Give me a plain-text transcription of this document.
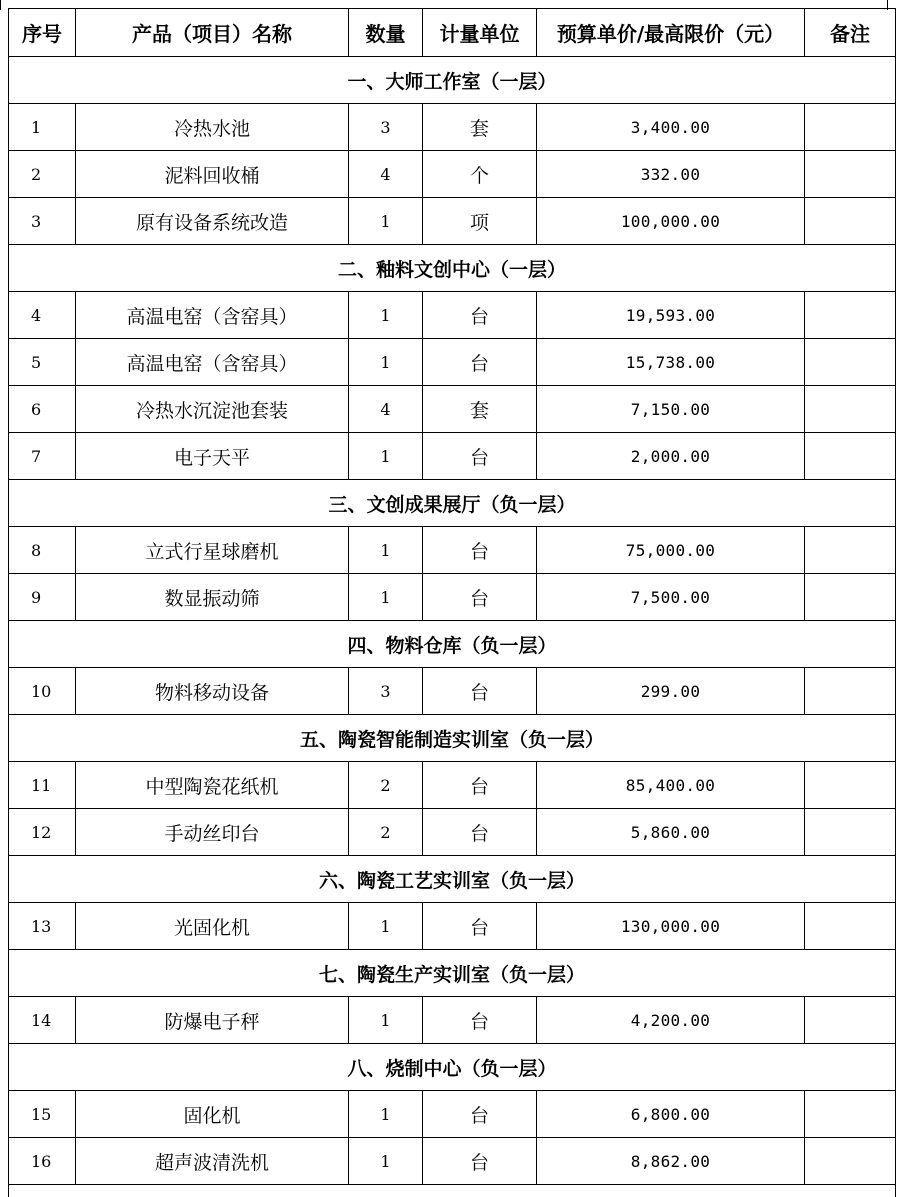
序号	产品（项目）名称	数量	计量单位	预算单价/最高限价（元）	备注
一、大师工作室（一层）					
1	冷热水池	3	套	3,400.00	
2	泥料回收桶	4	个	332.00	
3	原有设备系统改造	1	项	100,000.00	
二、釉料文创中心（一层）					
4	高温电窑（含窑具）	1	台	19,593.00	
5	高温电窑（含窑具）	1	台	15,738.00	
6	冷热水沉淀池套装	4	套	7,150.00	
7	电子天平	1	台	2,000.00	
三、文创成果展厅（负一层）					
8	立式行星球磨机	1	台	75,000.00	
9	数显振动筛	1	台	7,500.00	
四、物料仓库（负一层）					
10	物料移动设备	3	台	299.00	
五、陶瓷智能制造实训室（负一层）					
11	中型陶瓷花纸机	2	台	85,400.00	
12	手动丝印台	2	台	5,860.00	
六、陶瓷工艺实训室（负一层）					
13	光固化机	1	台	130,000.00	
七、陶瓷生产实训室（负一层）					
14	防爆电子秤	1	台	4,200.00	
八、烧制中心（负一层）					
15	固化机	1	台	6,800.00	
16	超声波清洗机	1	台	8,862.00	
